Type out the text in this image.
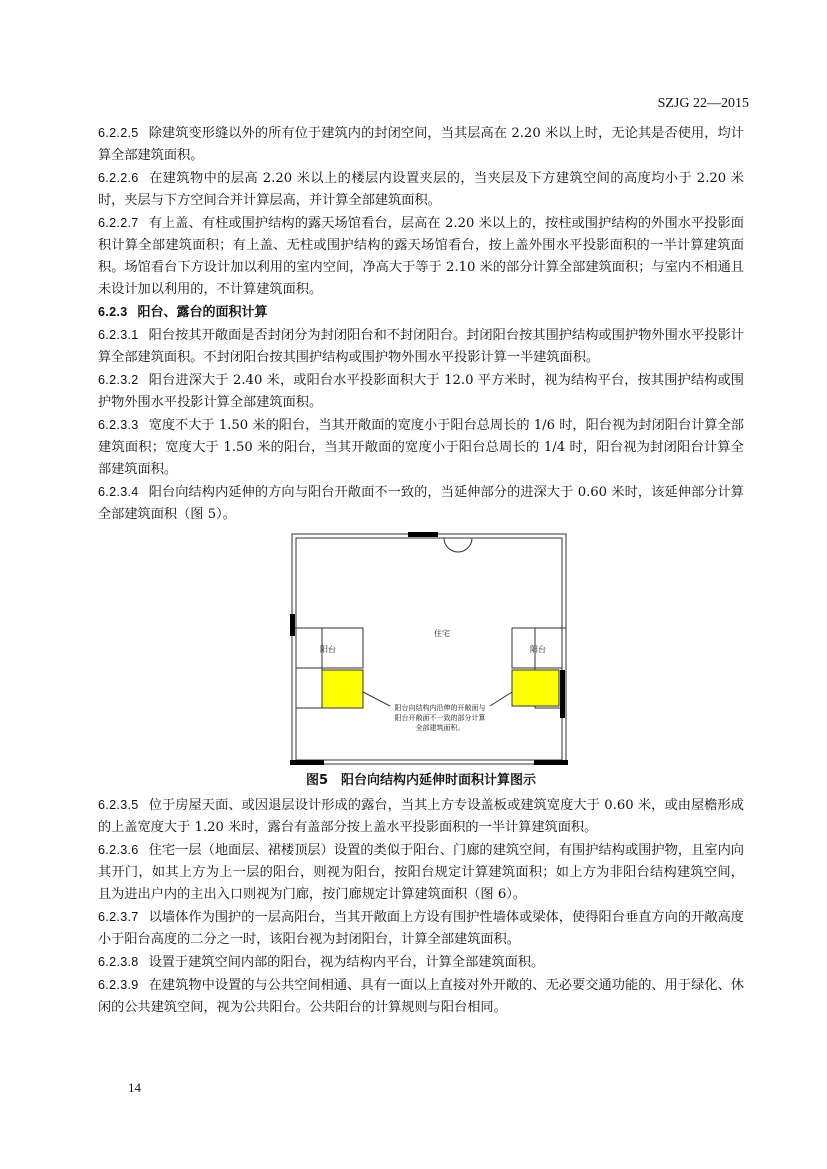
SZJG 22—2015

6.2.2.5 除建筑变形缝以外的所有位于建筑内的封闭空间，当其层高在 2.20 米以上时，无论其是否使用，均计算全部建筑面积。

6.2.2.6 在建筑物中的层高 2.20 米以上的楼层内设置夹层的，当夹层及下方建筑空间的高度均小于 2.20 米时，夹层与下方空间合并计算层高，并计算全部建筑面积。

6.2.2.7 有上盖、有柱或围护结构的露天场馆看台，层高在 2.20 米以上的，按柱或围护结构的外围水平投影面积计算全部建筑面积；有上盖、无柱或围护结构的露天场馆看台，按上盖外围水平投影面积的一半计算建筑面积。场馆看台下方设计加以利用的室内空间，净高大于等于 2.10 米的部分计算全部建筑面积；与室内不相通且未设计加以利用的，不计算建筑面积。

6.2.3 阳台、露台的面积计算

6.2.3.1 阳台按其开敞面是否封闭分为封闭阳台和不封闭阳台。封闭阳台按其围护结构或围护物外围水平投影计算全部建筑面积。不封闭阳台按其围护结构或围护物外围水平投影计算一半建筑面积。

6.2.3.2 阳台进深大于 2.40 米，或阳台水平投影面积大于 12.0 平方米时，视为结构平台，按其围护结构或围护物外围水平投影计算全部建筑面积。

6.2.3.3 宽度不大于 1.50 米的阳台，当其开敞面的宽度小于阳台总周长的 1/6 时，阳台视为封闭阳台计算全部建筑面积；宽度大于 1.50 米的阳台，当其开敞面的宽度小于阳台总周长的 1/4 时，阳台视为封闭阳台计算全部建筑面积。

6.2.3.4 阳台向结构内延伸的方向与阳台开敞面不一致的，当延伸部分的进深大于 0.60 米时，该延伸部分计算全部建筑面积（图 5）。

住宅
阳台	阳台
阳台向结构内沿伸的开敞面与
阳台开敞面不一致的部分计算
全部建筑面积。

图5　阳台向结构内延伸时面积计算图示

6.2.3.5 位于房屋天面、或因退层设计形成的露台，当其上方专设盖板或建筑宽度大于 0.60 米，或由屋檐形成的上盖宽度大于 1.20 米时，露台有盖部分按上盖水平投影面积的一半计算建筑面积。

6.2.3.6 住宅一层（地面层、裙楼顶层）设置的类似于阳台、门廊的建筑空间，有围护结构或围护物，且室内向其开门，如其上方为上一层的阳台，则视为阳台，按阳台规定计算建筑面积；如上方为非阳台结构建筑空间，且为进出户内的主出入口则视为门廊，按门廊规定计算建筑面积（图 6）。

6.2.3.7 以墙体作为围护的一层高阳台，当其开敞面上方设有围护性墙体或梁体，使得阳台垂直方向的开敞高度小于阳台高度的二分之一时，该阳台视为封闭阳台，计算全部建筑面积。

6.2.3.8 设置于建筑空间内部的阳台，视为结构内平台，计算全部建筑面积。

6.2.3.9 在建筑物中设置的与公共空间相通、具有一面以上直接对外开敞的、无必要交通功能的、用于绿化、休闲的公共建筑空间，视为公共阳台。公共阳台的计算规则与阳台相同。

14
